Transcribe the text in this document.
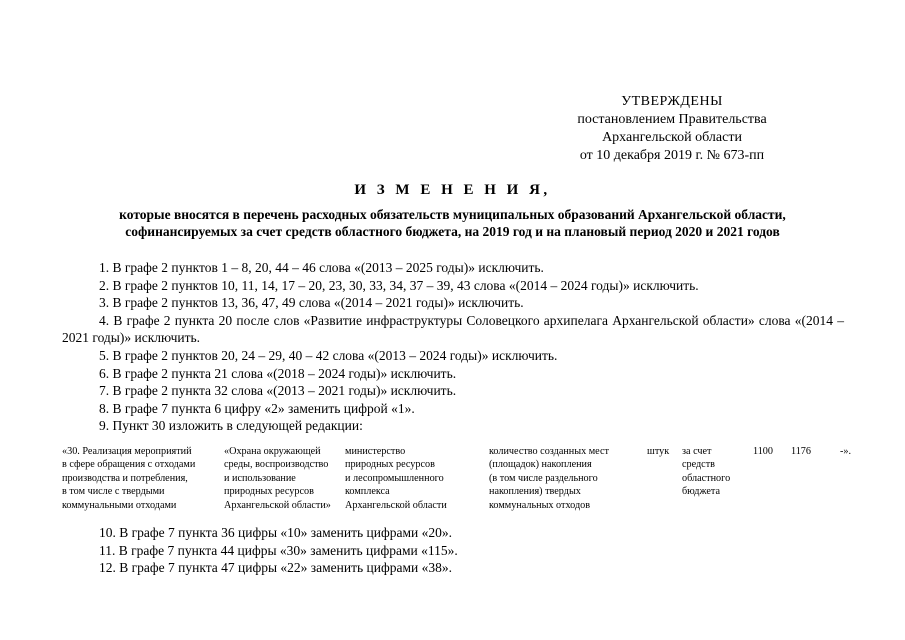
УТВЕРЖДЕНЫ
постановлением Правительства
Архангельской области
от 10 декабря 2019 г. № 673-пп
И З М Е Н Е Н И Я,
которые вносятся в перечень расходных обязательств муниципальных образований Архангельской области,
софинансируемых за счет средств областного бюджета, на 2019 год и на плановый период 2020 и 2021 годов

1. В графе 2 пунктов 1 – 8, 20, 44 – 46 слова «(2013 – 2025 годы)» исключить.

2. В графе 2 пунктов 10, 11, 14, 17 – 20, 23, 30, 33, 34, 37 – 39, 43 слова «(2014 – 2024 годы)» исключить.

3. В графе 2 пунктов 13, 36, 47, 49 слова «(2014 – 2021 годы)» исключить.

4. В графе 2 пункта 20 после слов «Развитие инфраструктуры Соловецкого архипелага Архангельской области» слова «(2014 – 2021 годы)» исключить.

5. В графе 2 пунктов 20, 24 – 29, 40 – 42 слова «(2013 – 2024 годы)» исключить.

6. В графе 2 пункта 21 слова «(2018 – 2024 годы)» исключить.

7. В графе 2 пункта 32 слова «(2013 – 2021 годы)» исключить.

8. В графе 7 пункта 6 цифру «2» заменить цифрой «1».

9. Пункт 30 изложить в следующей редакции:

«30. Реализация мероприятий
в сфере обращения с отходами
производства и потребления,
в том числе с твердыми
коммунальными отходами
«Охрана окружающей
среды, воспроизводство
и использование
природных ресурсов
Архангельской области»
министерство
природных ресурсов
и лесопромышленного
комплекса
Архангельской области
количество созданных мест
(площадок) накопления
(в том числе раздельного
накопления) твердых
коммунальных отходов
штук за счет
средств
областного
бюджета
1100 1176	-».

10. В графе 7 пункта 36 цифры «10» заменить цифрами «20».

11. В графе 7 пункта 44 цифры «30» заменить цифрами «115».

12. В графе 7 пункта 47 цифры «22» заменить цифрами «38».
